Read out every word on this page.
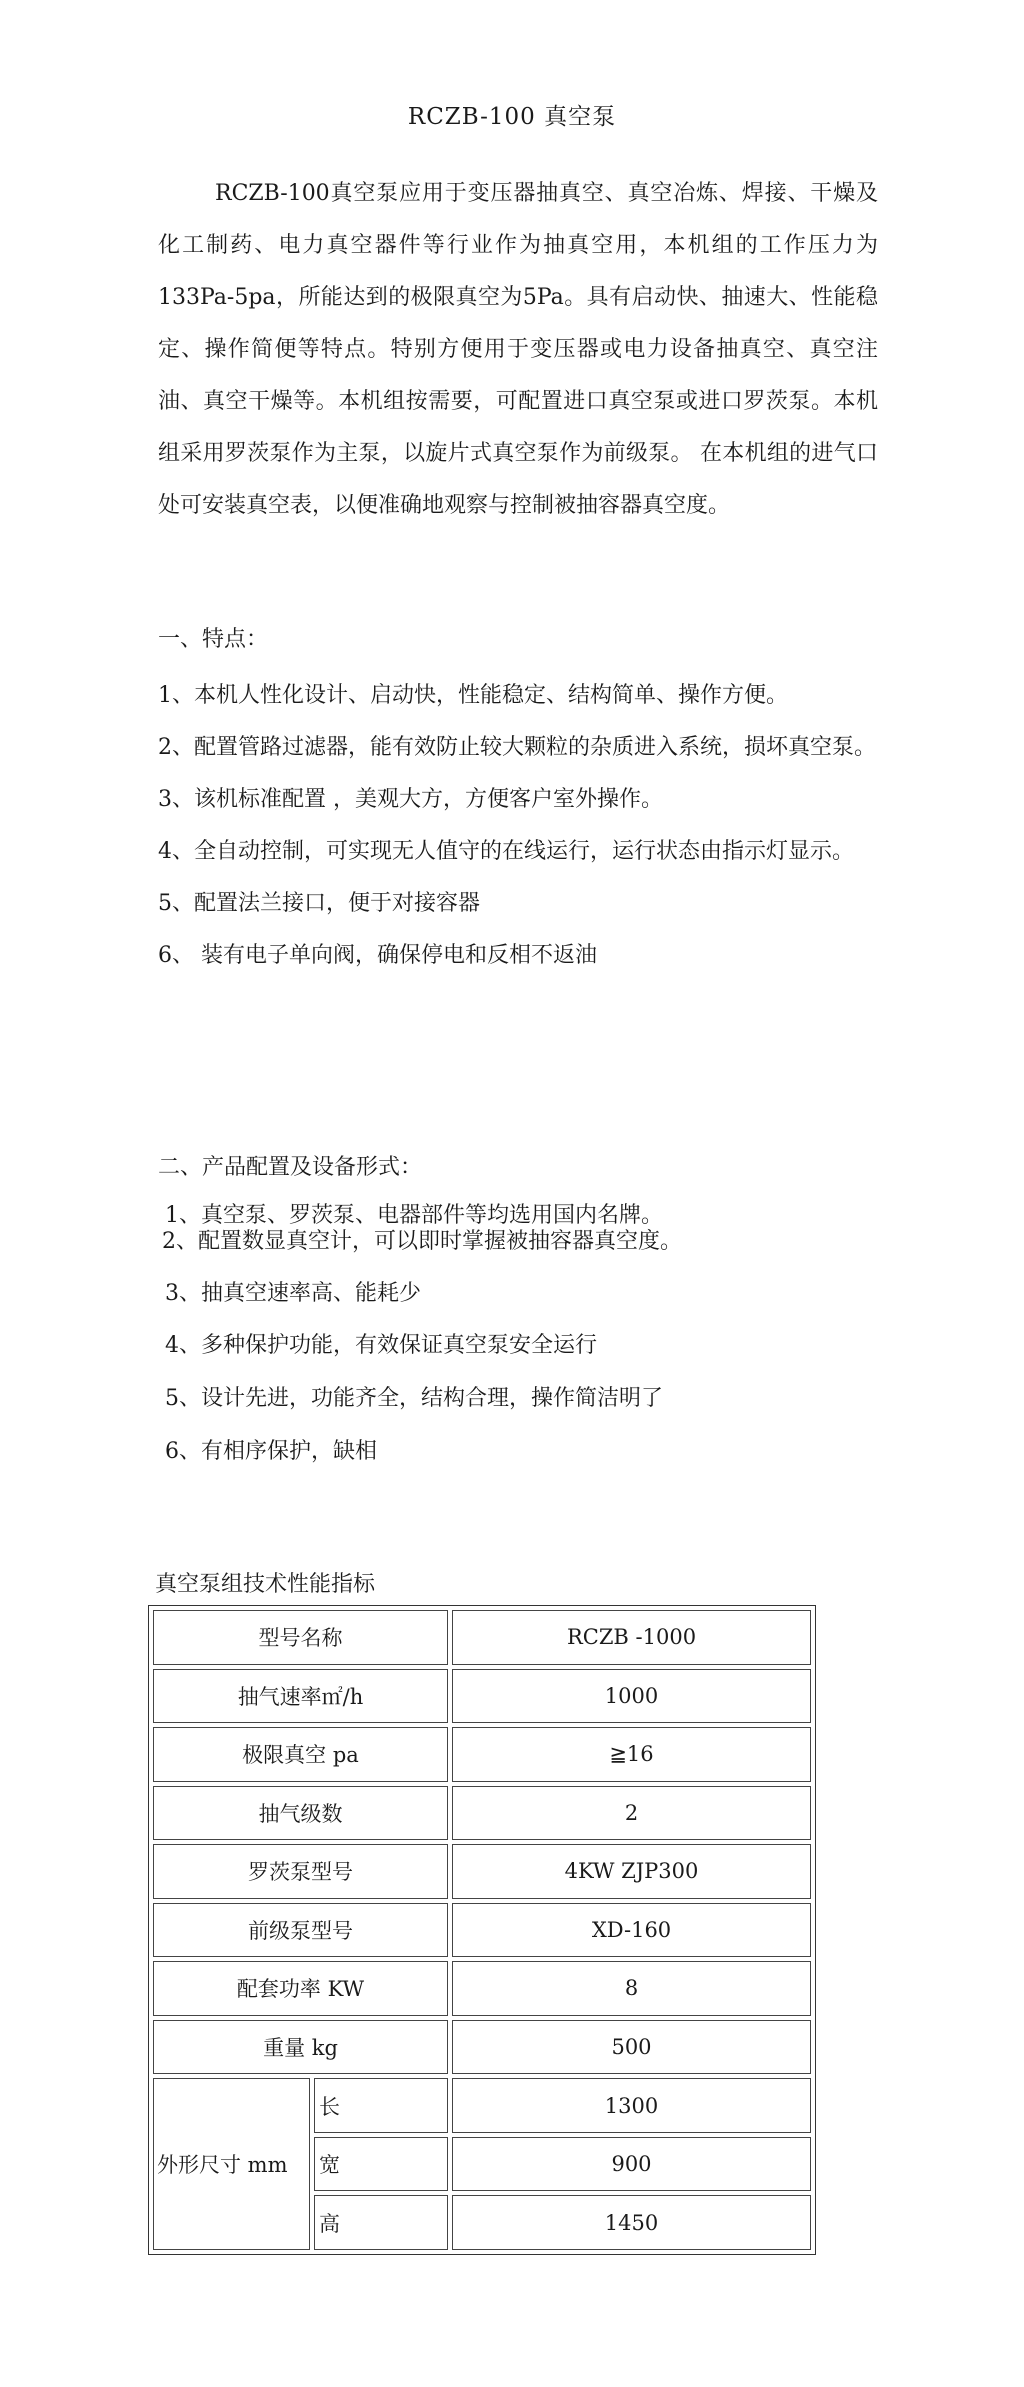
RCZB-100 真空泵

RCZB-100真空泵应用于变压器抽真空、真空冶炼、焊接、干燥及化工制药、电力真空器件等行业作为抽真空用，本机组的工作压力为133Pa-5pa，所能达到的极限真空为5Pa。具有启动快、抽速大、性能稳定、操作简便等特点。特别方便用于变压器或电力设备抽真空、真空注油、真空干燥等。本机组按需要，可配置进口真空泵或进口罗茨泵。本机组采用罗茨泵作为主泵，以旋片式真空泵作为前级泵。 在本机组的进气口处可安装真空表，以便准确地观察与控制被抽容器真空度。

一、特点：
1、本机人性化设计、启动快，性能稳定、结构简单、操作方便。
2、配置管路过滤器，能有效防止较大颗粒的杂质进入系统，损坏真空泵。
3、该机标准配置 ，美观大方，方便客户室外操作。
4、全自动控制，可实现无人值守的在线运行，运行状态由指示灯显示。
5、配置法兰接口，便于对接容器
6、 装有电子单向阀，确保停电和反相不返油
二、产品配置及设备形式：
1、真空泵、罗茨泵、电器部件等均选用国内名牌。
2、配置数显真空计，可以即时掌握被抽容器真空度。
3、抽真空速率高、能耗少
4、多种保护功能，有效保证真空泵安全运行
5、设计先进，功能齐全，结构合理，操作简洁明了
6、有相序保护，缺相
真空泵组技术性能指标
型号名称		RCZB -1000
抽气速率㎡/h		1000
极限真空 pa		≧16
抽气级数		2
罗茨泵型号		4KW ZJP300
前级泵型号		XD-160
配套功率 KW		8
重量 kg		500
外形尺寸 mm	长	1300
	宽	900
	高	1450
